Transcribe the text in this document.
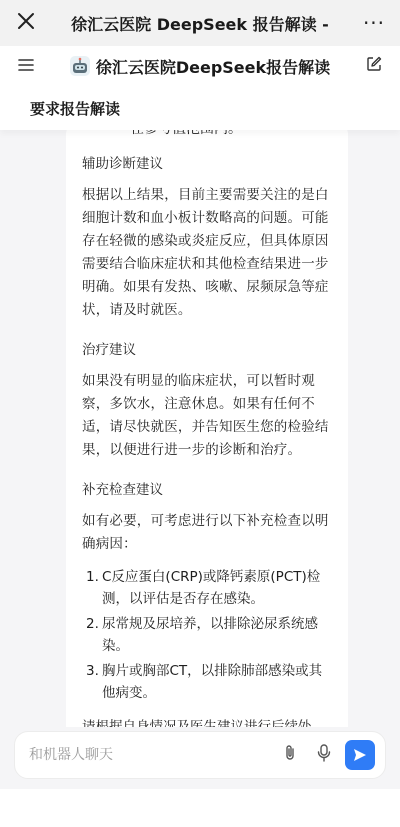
徐汇云医院 DeepSeek 报告解读 -	···
徐汇云医院DeepSeek报告解读
要求报告解读
辅助诊断建议
根据以上结果，目前主要需要关注的是白细胞计数和血小板计数略高的问题。可能存在轻微的感染或炎症反应，但具体原因需要结合临床症状和其他检查结果进一步明确。如果有发热、咳嗽、尿频尿急等症状，请及时就医。
治疗建议
如果没有明显的临床症状，可以暂时观察，多饮水，注意休息。如果有任何不适，请尽快就医，并告知医生您的检验结果，以便进行进一步的诊断和治疗。
补充检查建议
如有必要，可考虑进行以下补充检查以明确病因：
1. C反应蛋白(CRP)或降钙素原(PCT)检测，以评估是否存在感染。
2. 尿常规及尿培养，以排除泌尿系统感染。
3. 胸片或胸部CT，以排除肺部感染或其他病变。
和机器人聊天
